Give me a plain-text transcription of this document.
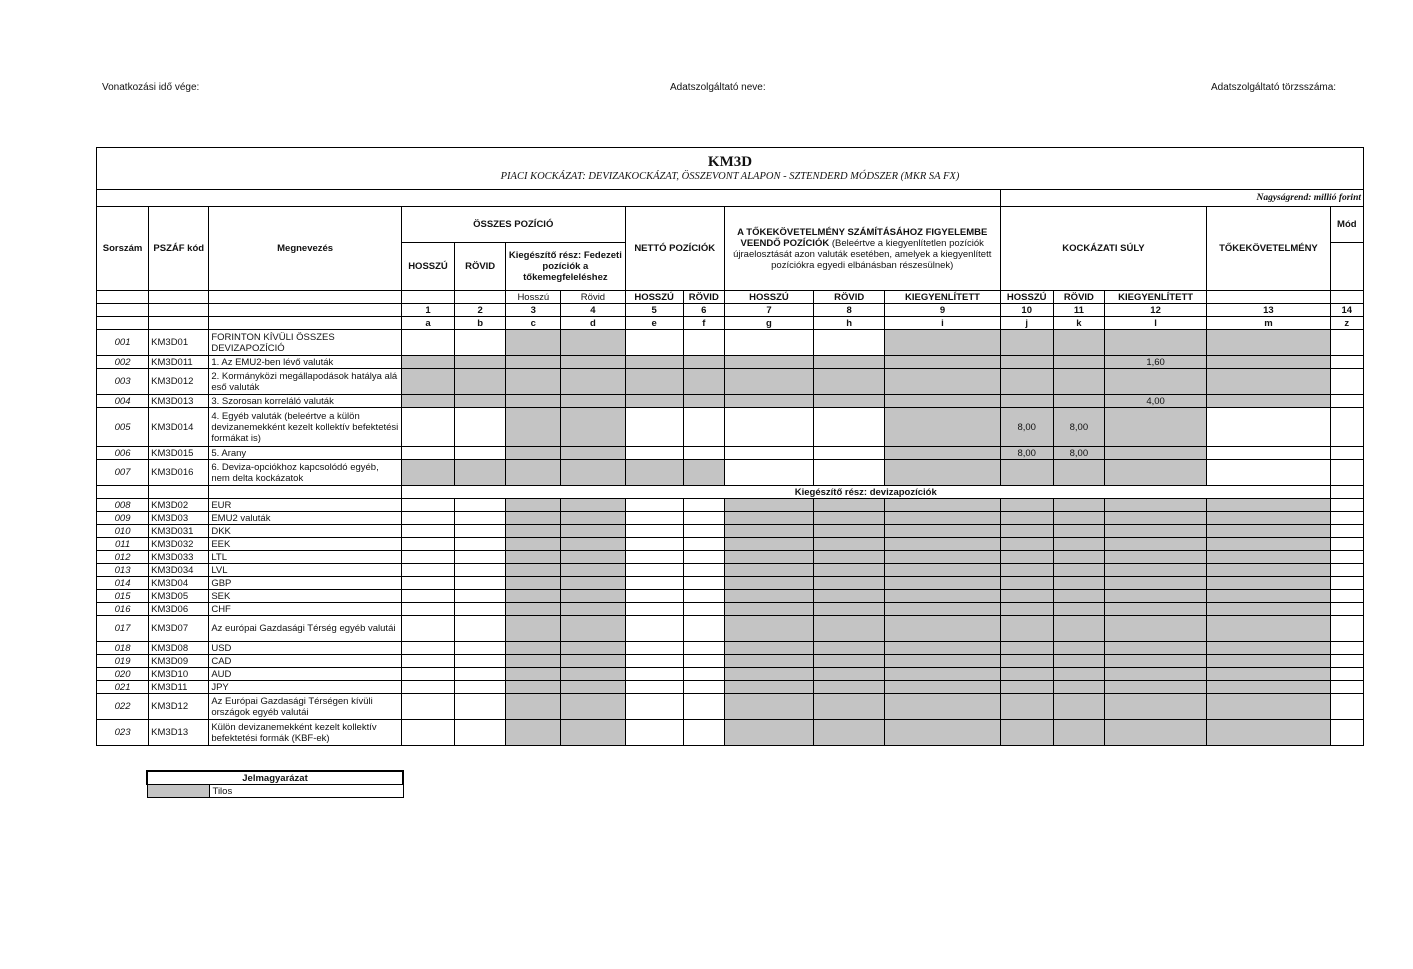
Vonatkozási idő vége:	Adatszolgáltató neve:	Adatszolgáltató törzsszáma:
KM3D
PIACI KOCKÁZAT: DEVIZAKOCKÁZAT, ÖSSZEVONT ALAPON - SZTENDERD MÓDSZER (MKR SA FX)																

												Nagyságrend: millió forint				
Sorszám	PSZÁF kód	Megnevezés	ÖSSZES POZÍCIÓ				NETTÓ POZÍCIÓK		A TŐKEKÖVETELMÉNY SZÁMÍTÁSÁHOZ FIGYELEMBE VEENDŐ POZÍCIÓK (Beleértve a kiegyenlítetlen pozíciók újraelosztását azon valuták esetében, amelyek a kiegyenlített pozíciókra egyedi elbánásban részesülnek)			KOCKÁZATI SÚLY			TŐKEKÖVETELMÉNY	Mód
			HOSSZÚ	RÖVID	Kiegészítő rész: Fedezeti pozíciók a tőkemegfeleléshez											
					Hosszú	Rövid	HOSSZÚ	RÖVID	HOSSZÚ	RÖVID	KIEGYENLÍTETT	HOSSZÚ	RÖVID	KIEGYENLÍTETT		
			1	2	3	4	5	6	7	8	9	10	11	12	13	14
			a	b	c	d	e	f	g	h	i	j	k	l	m	z
001	KM3D01	FORINTON KÍVÜLI ÖSSZES DEVIZAPOZÍCIÓ														
002	KM3D011	1. Az EMU2-ben lévő valuták												1,60		
003	KM3D012	2. Kormányközi megállapodások hatálya alá eső valuták														
004	KM3D013	3. Szorosan korreláló valuták												4,00		
005	KM3D014	4. Egyéb valuták (beleértve a külön devizanemekként kezelt kollektív befektetési formákat is)										8,00	8,00			
006	KM3D015	5. Arany										8,00	8,00			
007	KM3D016	6. Deviza-opciókhoz kapcsolódó egyéb, nem delta kockázatok														
			Kiegészítő rész: devizapozíciók													
008	KM3D02	EUR														
009	KM3D03	EMU2 valuták														
010	KM3D031	DKK														
011	KM3D032	EEK														
012	KM3D033	LTL														
013	KM3D034	LVL														
014	KM3D04	GBP														
015	KM3D05	SEK														
016	KM3D06	CHF														
017	KM3D07	Az európai Gazdasági Térség egyéb valutái														
018	KM3D08	USD														
019	KM3D09	CAD														
020	KM3D10	AUD														
021	KM3D11	JPY														
022	KM3D12	Az Európai Gazdasági Térségen kívüli országok egyéb valutái														
023	KM3D13	Külön devizanemekként kezelt kollektív befektetési formák (KBF-ek)														
Jelmagyarázat
	Tilos
